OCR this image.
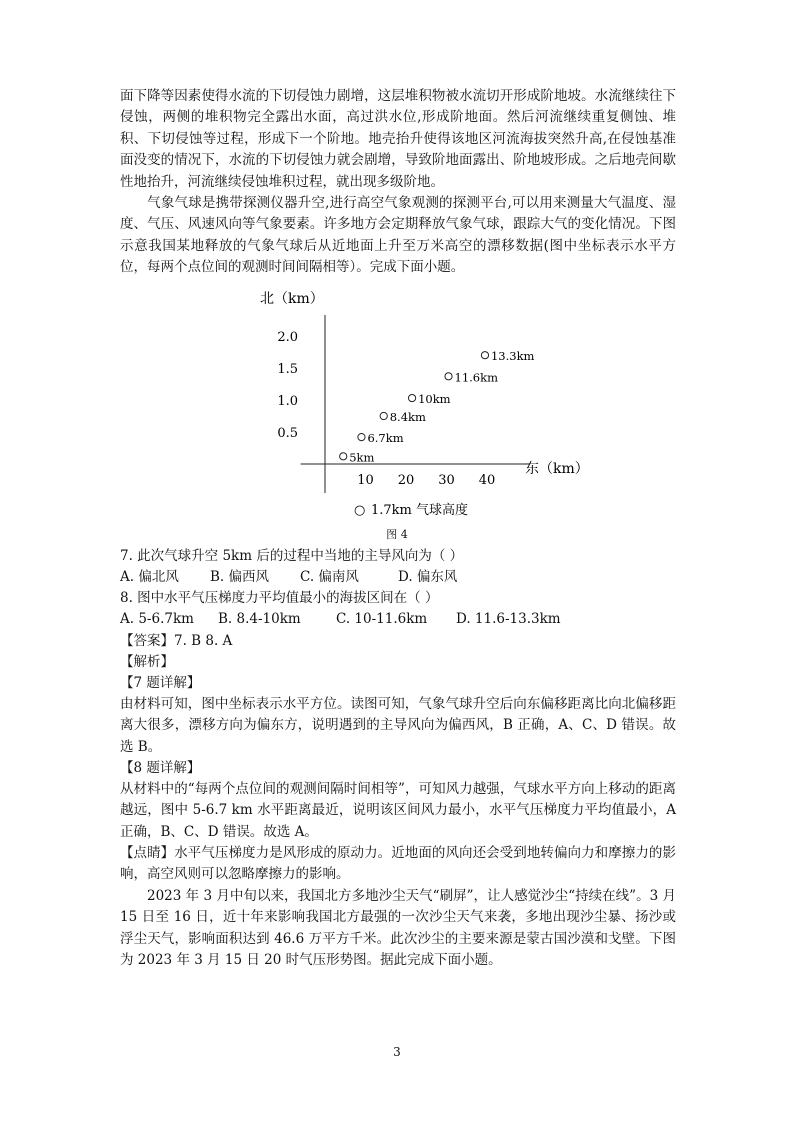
面下降等因素使得水流的下切侵蚀力剧增，这层堆积物被水流切开形成阶地坡。水流继续往下侵蚀，两侧的堆积物完全露出水面，高过洪水位,形成阶地面。然后河流继续重复侧蚀、堆积、下切侵蚀等过程，形成下一个阶地。地壳抬升使得该地区河流海拔突然升高,在侵蚀基准面没变的情况下，水流的下切侵蚀力就会剧增，导致阶地面露出、阶地坡形成。之后地壳间歇性地抬升，河流继续侵蚀堆积过程，就出现多级阶地。

气象气球是携带探测仪器升空,进行高空气象观测的探测平台,可以用来测量大气温度、湿度、气压、风速风向等气象要素。许多地方会定期释放气象气球，跟踪大气的变化情况。下图示意我国某地释放的气象气球后从近地面上升至万米高空的漂移数据(图中坐标表示水平方位，每两个点位间的观测时间间隔相等）。完成下面小题。

10 20 30 40
0.5
1.0
1.5
2.0
5km
6.7km
8.4km
10km
11.6km
13.3km
北（km）
东（km）
○ 1.7km 气球高度
图 4
7. 此次气球升空 5km 后的过程中当地的主导风向为（ ）
A. 偏北风 B. 偏西风 C. 偏南风	D. 偏东风
8. 图中水平气压梯度力平均值最小的海拔区间在（ ）
A. 5-6.7km B. 8.4-10km	C. 10-11.6km D. 11.6-13.3km
【答案】7. B 8. A
【解析】
【7 题详解】

由材料可知，图中坐标表示水平方位。读图可知，气象气球升空后向东偏移距离比向北偏移距离大很多，漂移方向为偏东方，说明遇到的主导风向为偏西风，B 正确，A、C、D 错误。故选 B。

【8 题详解】

从材料中的“每两个点位间的观测间隔时间相等”，可知风力越强，气球水平方向上移动的距离越远，图中 5-6.7 km 水平距离最近，说明该区间风力最小，水平气压梯度力平均值最小，A 正确，B、C、D 错误。故选 A。

【点睛】水平气压梯度力是风形成的原动力。近地面的风向还会受到地转偏向力和摩擦力的影响，高空风则可以忽略摩擦力的影响。

2023 年 3 月中旬以来，我国北方多地沙尘天气“刷屏”，让人感觉沙尘“持续在线”。3 月 15 日至 16 日，近十年来影响我国北方最强的一次沙尘天气来袭，多地出现沙尘暴、扬沙或浮尘天气，影响面积达到 46.6 万平方千米。此次沙尘的主要来源是蒙古国沙漠和戈壁。下图为 2023 年 3 月 15 日 20 时气压形势图。据此完成下面小题。

3
